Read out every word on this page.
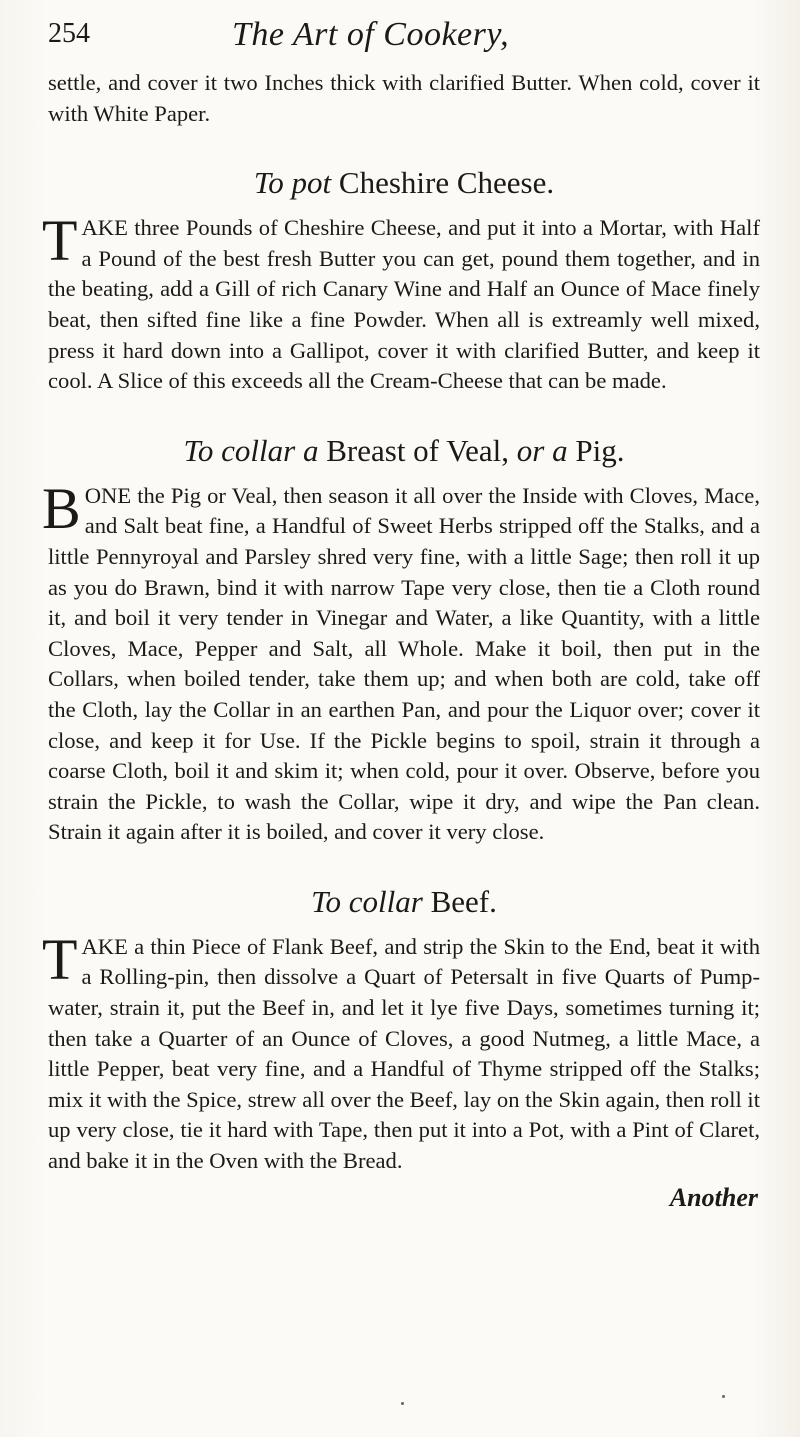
254	The Art of Cookery,

settle, and cover it two Inches thick with clarified Butter. When cold, cover it with White Paper.

To pot Cheshire Cheese.
T AKE three Pounds of Cheshire Cheese, and put it into a Mortar, with Half a Pound of the best fresh Butter you can get, pound them together, and in the beating, add a Gill of rich Canary Wine and Half an Ounce of Mace finely beat, then sifted fine like a fine Powder. When all is extreamly well mixed, press it hard down into a Gallipot, cover it with clarified Butter, and keep it cool. A Slice of this exceeds all the Cream-Cheese that can be made.

To collar a Breast of Veal, or a Pig.
B ONE the Pig or Veal, then season it all over the Inside with Cloves, Mace, and Salt beat fine, a Handful of Sweet Herbs stripped off the Stalks, and a little Pennyroyal and Parsley shred very fine, with a little Sage; then roll it up as you do Brawn, bind it with narrow Tape very close, then tie a Cloth round it, and boil it very tender in Vinegar and Water, a like Quantity, with a little Cloves, Mace, Pepper and Salt, all Whole. Make it boil, then put in the Collars, when boiled tender, take them up; and when both are cold, take off the Cloth, lay the Collar in an earthen Pan, and pour the Liquor over; cover it close, and keep it for Use. If the Pickle begins to spoil, strain it through a coarse Cloth, boil it and skim it; when cold, pour it over. Observe, before you strain the Pickle, to wash the Collar, wipe it dry, and wipe the Pan clean. Strain it again after it is boiled, and cover it very close.

To collar Beef.
T AKE a thin Piece of Flank Beef, and strip the Skin to the End, beat it with a Rolling-pin, then dissolve a Quart of Petersalt in five Quarts of Pump-water, strain it, put the Beef in, and let it lye five Days, sometimes turning it; then take a Quarter of an Ounce of Cloves, a good Nutmeg, a little Mace, a little Pepper, beat very fine, and a Handful of Thyme stripped off the Stalks; mix it with the Spice, strew all over the Beef, lay on the Skin again, then roll it up very close, tie it hard with Tape, then put it into a Pot, with a Pint of Claret, and bake it in the Oven with the Bread.

Another
